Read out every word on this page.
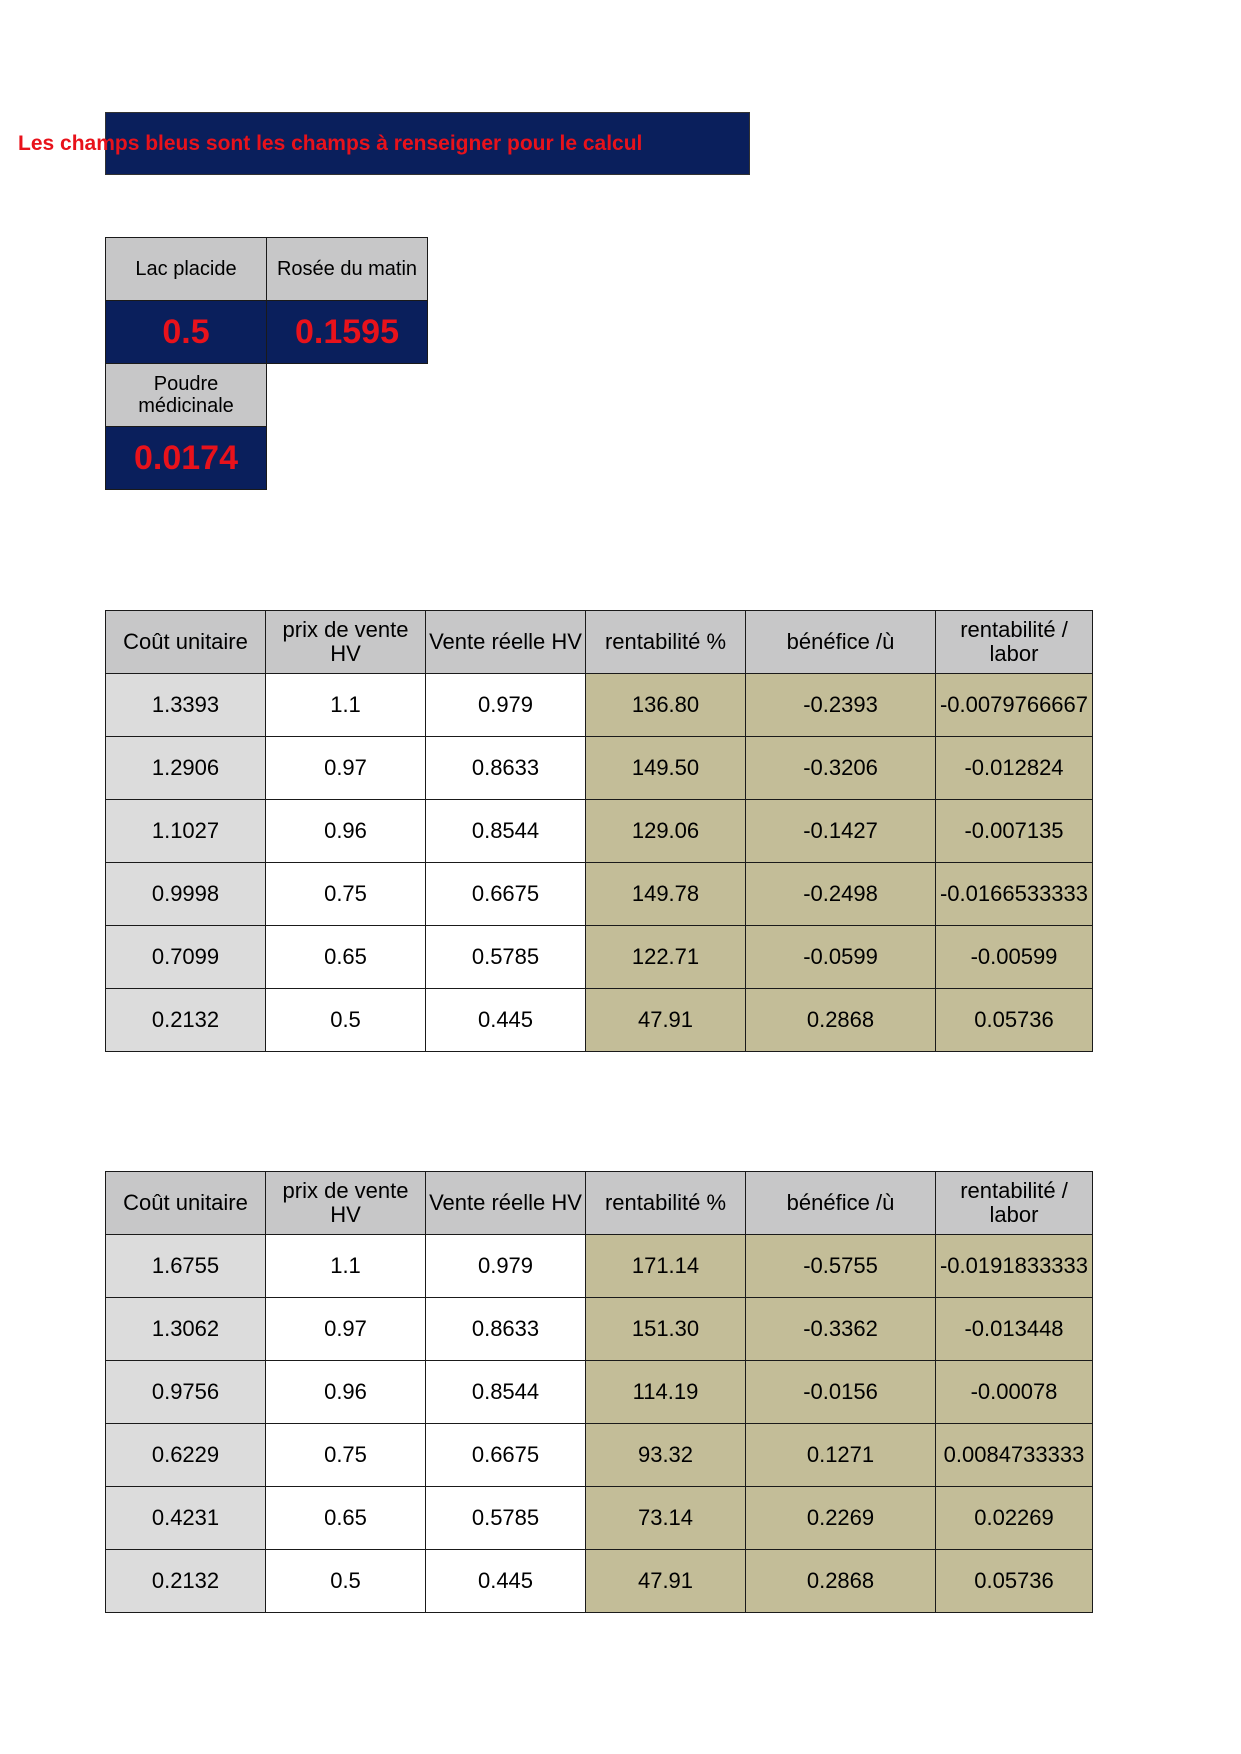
Les champs bleus sont les champs à renseigner pour le calcul
Lac placide	Rosée du matin
0.5	0.1595
Poudre médicinale	
0.0174	
Coût unitaire	prix de vente HV	Vente réelle HV	rentabilité %	bénéfice /ù	rentabilité / labor
1.3393	1.1	0.979	136.80	-0.2393	-0.0079766667
1.2906	0.97	0.8633	149.50	-0.3206	-0.012824
1.1027	0.96	0.8544	129.06	-0.1427	-0.007135
0.9998	0.75	0.6675	149.78	-0.2498	-0.0166533333
0.7099	0.65	0.5785	122.71	-0.0599	-0.00599
0.2132	0.5	0.445	47.91	0.2868	0.05736
Coût unitaire	prix de vente HV	Vente réelle HV	rentabilité %	bénéfice /ù	rentabilité / labor
1.6755	1.1	0.979	171.14	-0.5755	-0.0191833333
1.3062	0.97	0.8633	151.30	-0.3362	-0.013448
0.9756	0.96	0.8544	114.19	-0.0156	-0.00078
0.6229	0.75	0.6675	93.32	0.1271	0.0084733333
0.4231	0.65	0.5785	73.14	0.2269	0.02269
0.2132	0.5	0.445	47.91	0.2868	0.05736
